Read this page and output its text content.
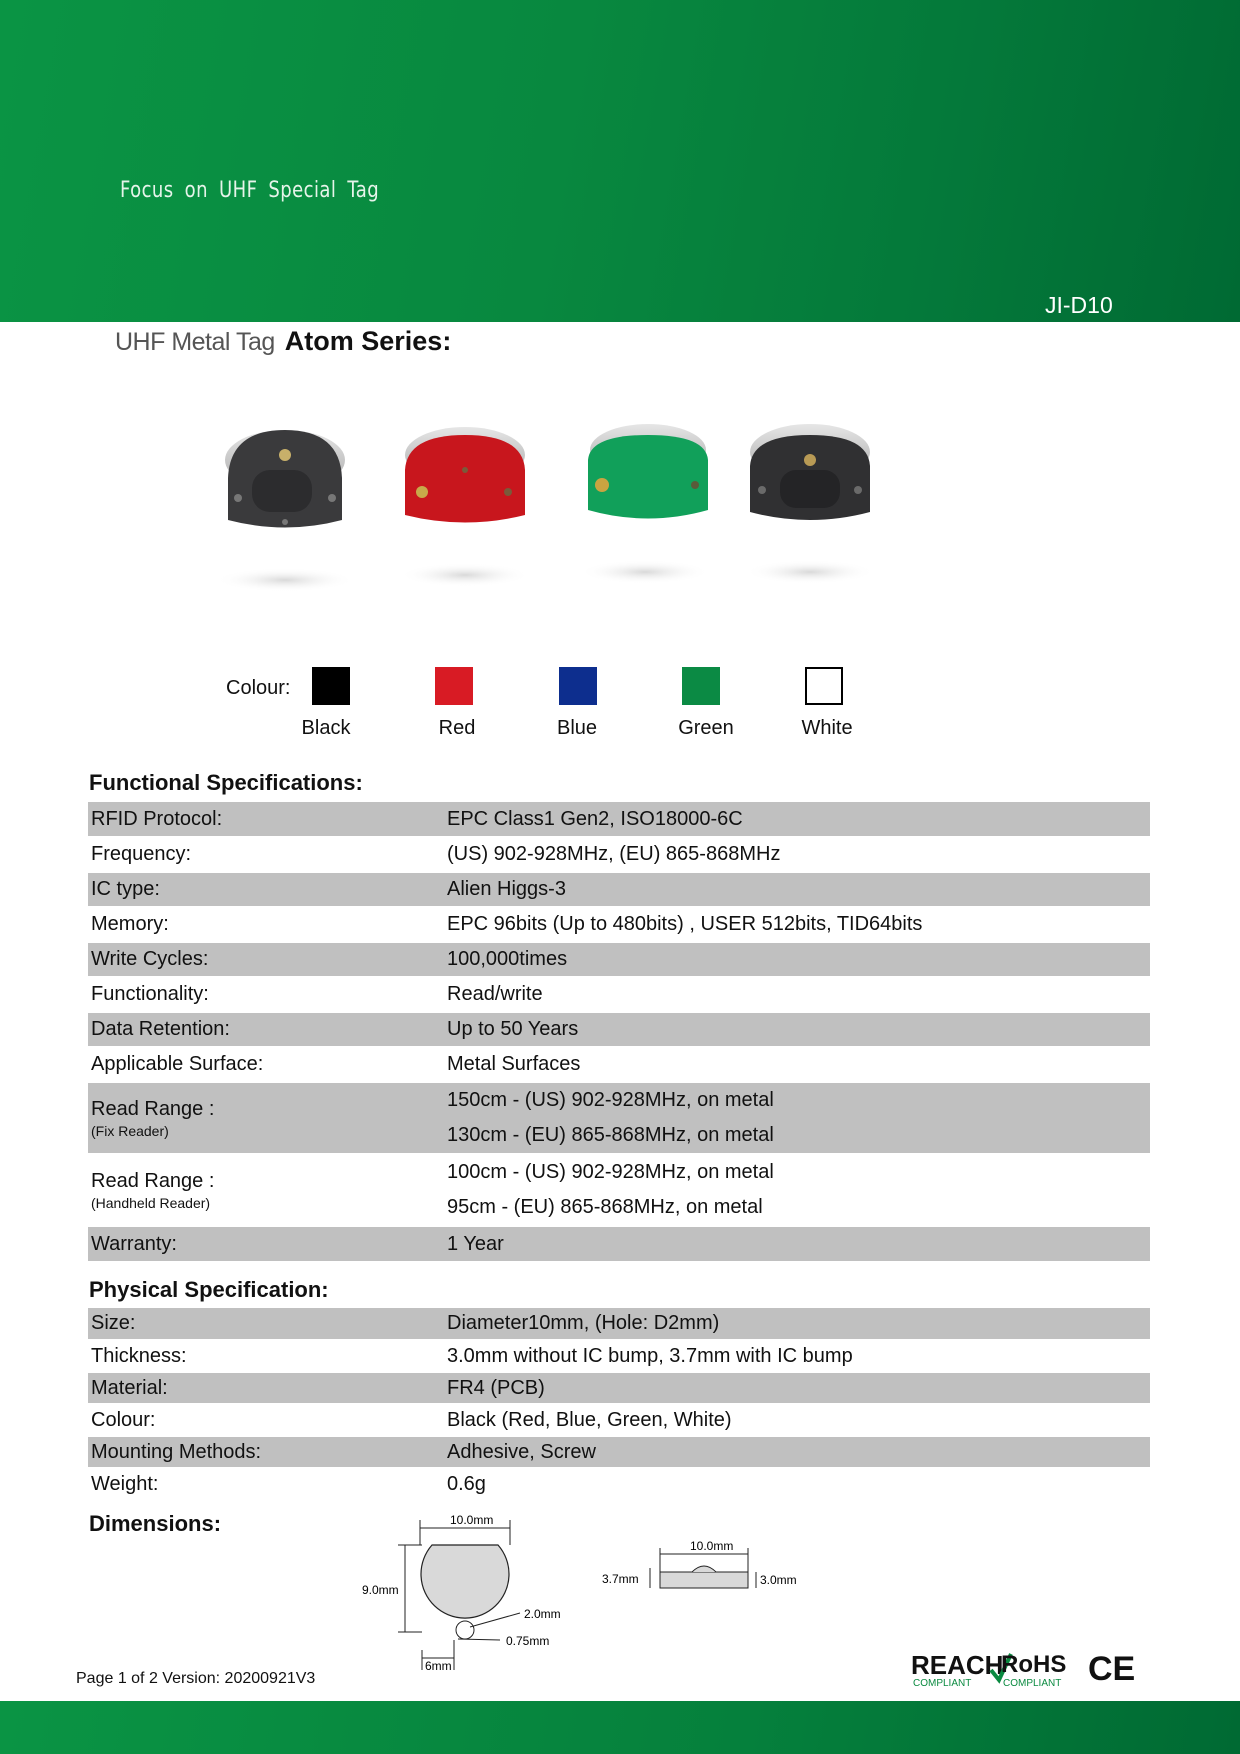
Focus on UHF Special Tag
JI-D10
UHF Metal Tag Atom Series:
Colour:
Black	Red	Blue	Green	White
Functional Specifications:
RFID Protocol:	EPC Class1 Gen2, ISO18000-6C
Frequency:	(US) 902-928MHz, (EU) 865-868MHz
IC type:	Alien Higgs-3
Memory:	EPC 96bits (Up to 480bits) , USER 512bits, TID64bits
Write Cycles:	100,000times
Functionality:	Read/write
Data Retention:	Up to 50 Years
Applicable Surface:	Metal Surfaces
Read Range :
(Fix Reader)	150cm - (US) 902-928MHz, on metal
130cm - (EU) 865-868MHz, on metal

Read Range :
(Handheld Reader)	100cm - (US) 902-928MHz, on metal
95cm - (EU) 865-868MHz, on metal

Warranty:	1 Year
Physical Specification:
Size:	Diameter10mm, (Hole: D2mm)
Thickness:	3.0mm without IC bump, 3.7mm with IC bump
Material:	FR4 (PCB)
Colour:	Black (Red, Blue, Green, White)
Mounting Methods:	Adhesive, Screw
Weight:	0.6g
Dimensions:	10.0mm
9.0mm
2.0mm
0.75mm
6mm
10.0mm
3.7mm	3.0mm
Page 1 of 2 Version: 20200921V3	REACH
COMPLIANT
RoHS
COMPLIANT CE
